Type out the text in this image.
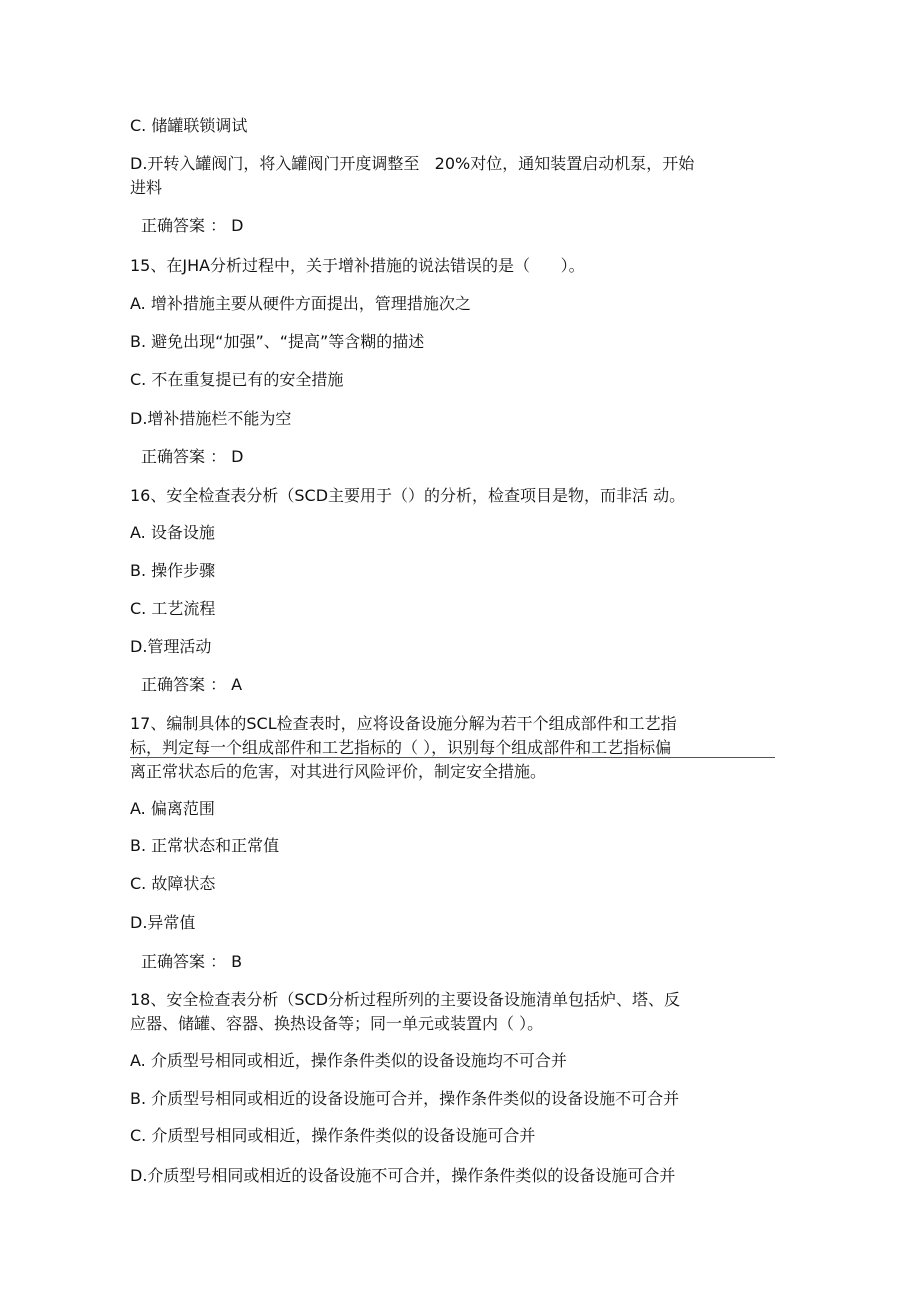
C. 储罐联锁调试
D.开转入罐阀门，将入罐阀门开度调整至   20%对位，通知装置启动机泵，开始
进料
正确答案 ： D
15、在JHA分析过程中，关于增补措施的说法错误的是（      ）。
A. 增补措施主要从硬件方面提出，管理措施次之
B. 避免出现“加强”、“提高”等含糊的描述
C. 不在重复提已有的安全措施
D.增补措施栏不能为空
正确答案 ： D
16、安全检查表分析（SCD主要用于（）的分析，检查项目是物，而非活 动。
A. 设备设施
B. 操作步骤
C. 工艺流程
D.管理活动
正确答案 ： A
17、编制具体的SCL检查表时，应将设备设施分解为若干个组成部件和工艺指
标，判定每一个组成部件和工艺指标的（ ），识别每个组成部件和工艺指标偏
离正常状态后的危害，对其进行风险评价，制定安全措施。
A. 偏离范围
B. 正常状态和正常值
C. 故障状态
D.异常值
正确答案 ： B
18、安全检查表分析（SCD分析过程所列的主要设备设施清单包括炉、塔、反
应器、储罐、容器、换热设备等；同一单元或装置内（ ）。
A. 介质型号相同或相近，操作条件类似的设备设施均不可合并
B. 介质型号相同或相近的设备设施可合并，操作条件类似的设备设施不可合并
C. 介质型号相同或相近，操作条件类似的设备设施可合并
D.介质型号相同或相近的设备设施不可合并，操作条件类似的设备设施可合并
